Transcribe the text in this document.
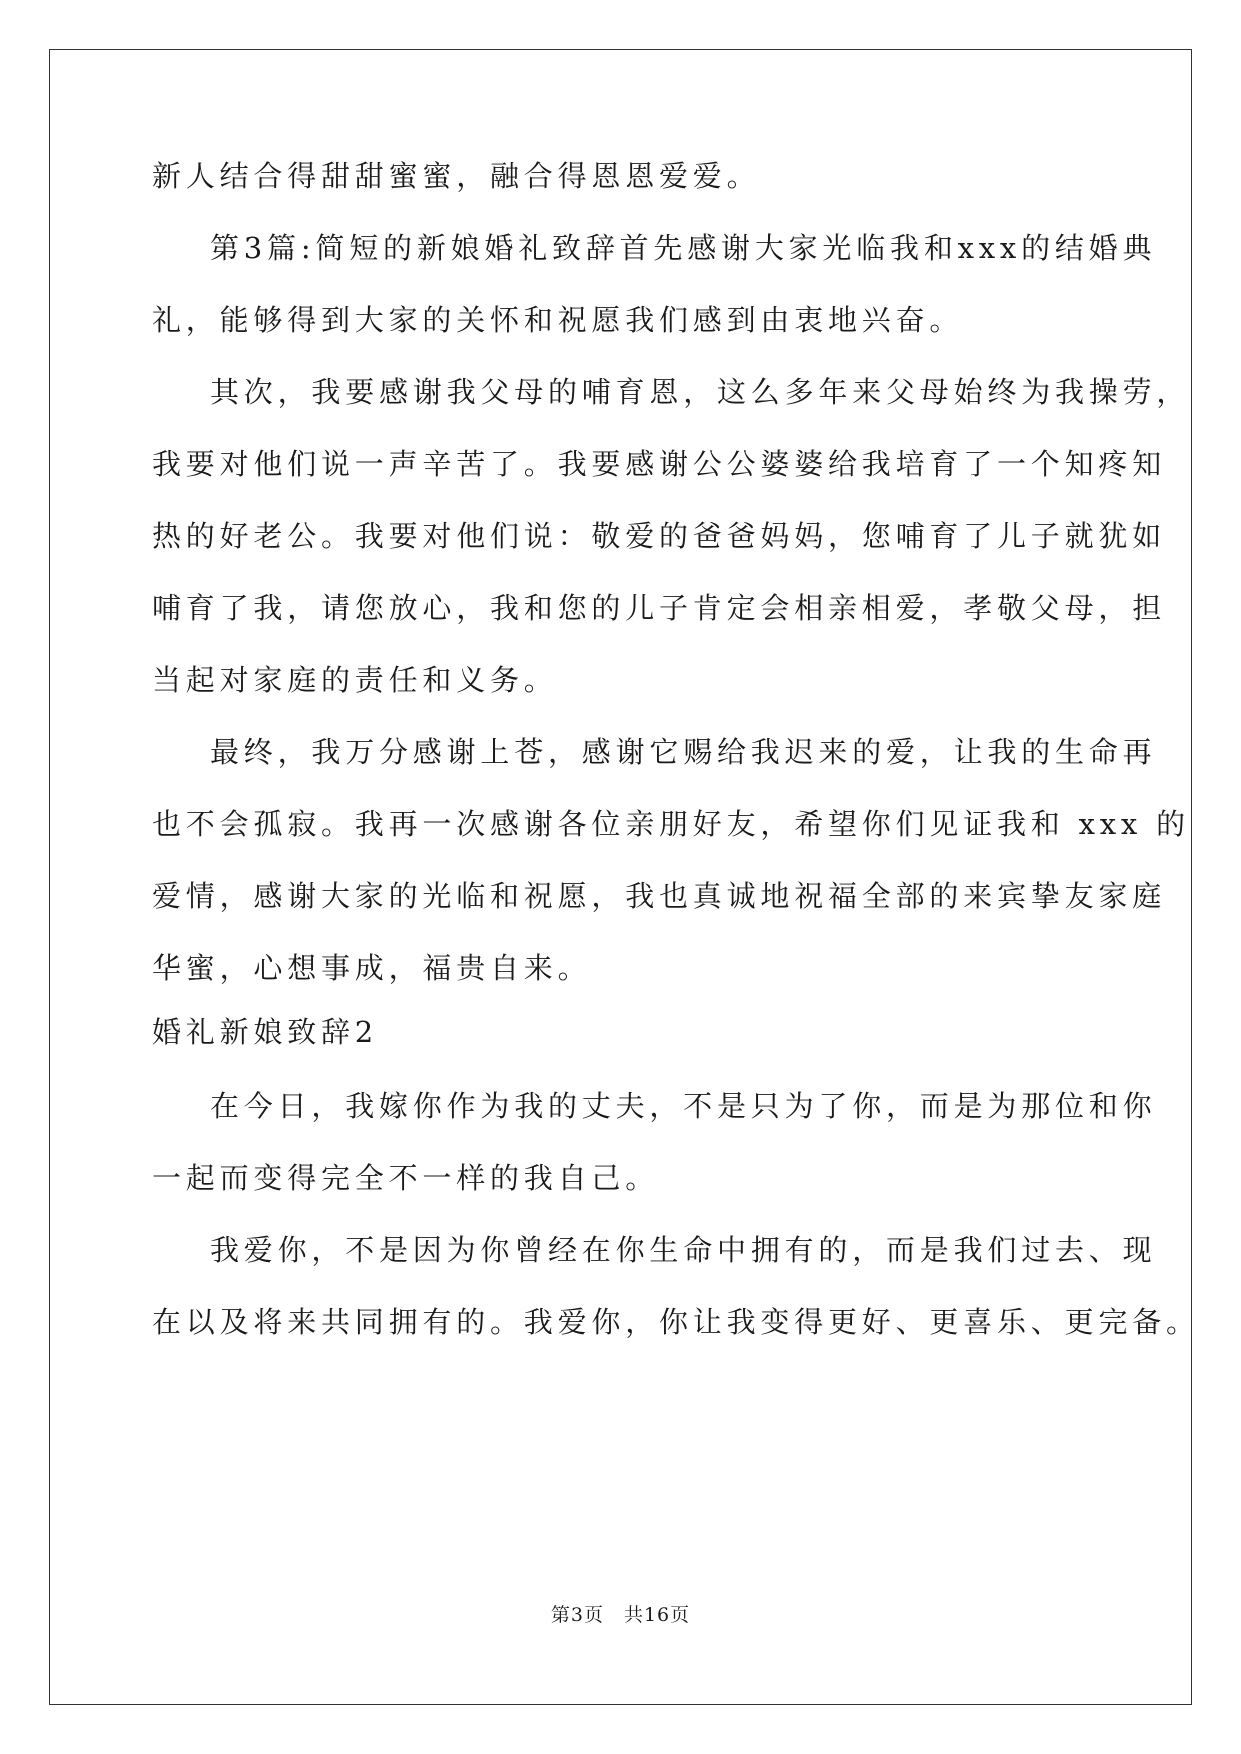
新人结合得甜甜蜜蜜，融合得恩恩爱爱。
第3篇:简短的新娘婚礼致辞首先感谢大家光临我和xxx的结婚典
礼，能够得到大家的关怀和祝愿我们感到由衷地兴奋。
其次，我要感谢我父母的哺育恩，这么多年来父母始终为我操劳，
我要对他们说一声辛苦了。我要感谢公公婆婆给我培育了一个知疼知
热的好老公。我要对他们说：敬爱的爸爸妈妈，您哺育了儿子就犹如
哺育了我，请您放心，我和您的儿子肯定会相亲相爱，孝敬父母，担
当起对家庭的责任和义务。
最终，我万分感谢上苍，感谢它赐给我迟来的爱，让我的生命再
也不会孤寂。我再一次感谢各位亲朋好友，希望你们见证我和 xxx 的
爱情，感谢大家的光临和祝愿，我也真诚地祝福全部的来宾挚友家庭
华蜜，心想事成，福贵自来。
婚礼新娘致辞2
在今日，我嫁你作为我的丈夫，不是只为了你，而是为那位和你
一起而变得完全不一样的我自己。
我爱你，不是因为你曾经在你生命中拥有的，而是我们过去、现
在以及将来共同拥有的。我爱你，你让我变得更好、更喜乐、更完备。
第3页　共16页
